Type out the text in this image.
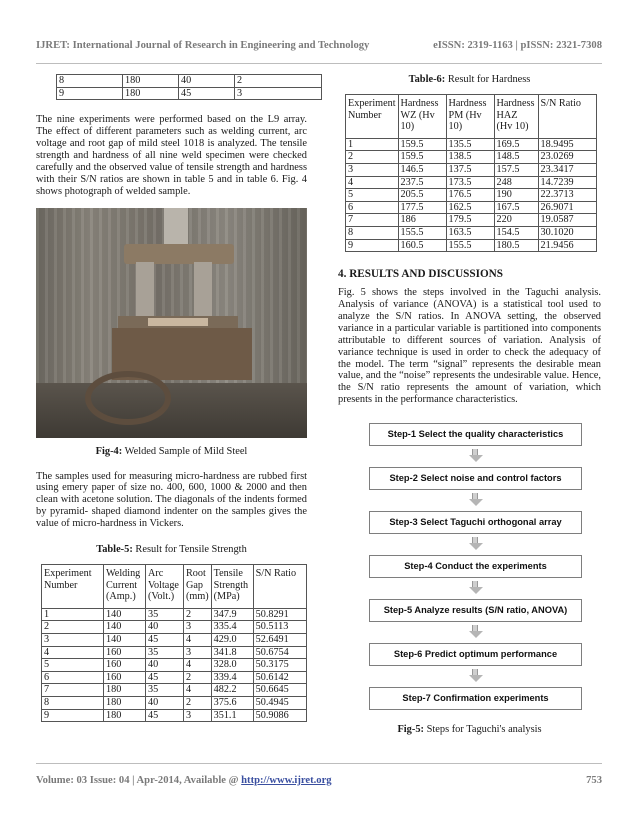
IJRET: International Journal of Research in Engineering and Technology	eISSN: 2319-1163 | pISSN: 2321-7308
8	180	40	2
9	180	45	3

The nine experiments were performed based on the L9 array. The effect of different parameters such as welding current, arc voltage and root gap of mild steel 1018 is analyzed. The tensile strength and hardness of all nine weld specimen were checked carefully and the observed value of tensile strength and hardness with their S/N ratios are shown in table 5 and in table 6. Fig. 4 shows photograph of welded sample.

Fig-4: Welded Sample of Mild Steel

The samples used for measuring micro-hardness are rubbed first using emery paper of size no. 400, 600, 1000 & 2000 and then clean with acetone solution. The diagonals of the indents formed by pyramid- shaped diamond indenter on the samples gives the value of micro-hardness in Vickers.

Table-5: Result for Tensile Strength

Experiment Number	Welding Current (Amp.)	Arc Voltage (Volt.)	Root Gap (mm)	Tensile Strength (MPa)	S/N Ratio
1	140	35	2	347.9	50.8291
2	140	40	3	335.4	50.5113
3	140	45	4	429.0	52.6491
4	160	35	3	341.8	50.6754
5	160	40	4	328.0	50.3175
6	160	45	2	339.4	50.6142
7	180	35	4	482.2	50.6645
8	180	40	2	375.6	50.4945
9	180	45	3	351.1	50.9086

Table-6: Result for Hardness

Experiment Number	Hardness WZ (Hv 10)	Hardness PM (Hv 10)	Hardness HAZ (Hv 10)	S/N Ratio
1	159.5	135.5	169.5	18.9495
2	159.5	138.5	148.5	23.0269
3	146.5	137.5	157.5	23.3417
4	237.5	173.5	248	14.7239
5	205.5	176.5	190	22.3713
6	177.5	162.5	167.5	26.9071
7	186	179.5	220	19.0587
8	155.5	163.5	154.5	30.1020
9	160.5	155.5	180.5	21.9456

4. RESULTS AND DISCUSSIONS

Fig. 5 shows the steps involved in the Taguchi analysis. Analysis of variance (ANOVA) is a statistical tool used to analyze the S/N ratios. In ANOVA setting, the observed variance in a particular variable is partitioned into components attributable to different sources of variation. Analysis of variance technique is used in order to check the adequacy of the model. The term “signal” represents the desirable mean value, and the “noise” represents the undesirable value. Hence, the S/N ratio represents the amount of variation, which presents in the performance characteristics.

Step-1 Select the quality characteristics
Step-2 Select noise and control factors
Step-3 Select Taguchi orthogonal array
Step-4 Conduct the experiments
Step-5 Analyze results (S/N ratio, ANOVA)
Step-6 Predict optimum performance
Step-7 Confirmation experiments

Fig-5: Steps for Taguchi's analysis

Volume: 03 Issue: 04 | Apr-2014, Available @ http://www.ijret.org	753
